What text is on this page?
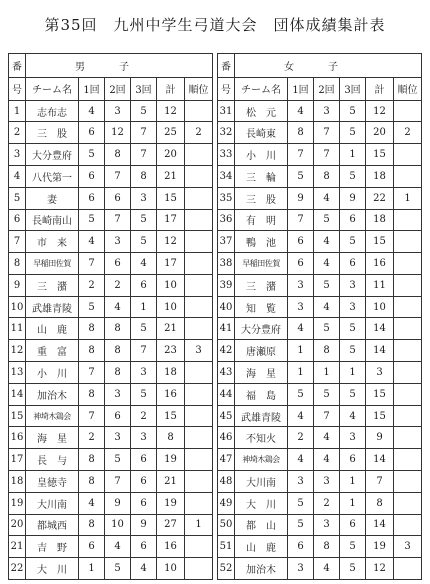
第35回　九州中学生弓道大会　団体成績集計表
番	男子					
号	チーム名	1回	2回	3回	計	順位
1	志布志	4	3	5	12	
2	三　股	6	12	7	25	2
3	大分豊府	5	8	7	20	
4	八代第一	6	7	8	21	
5	妻	6	6	3	15	
6	長崎南山	5	7	5	17	
7	市　来	4	3	5	12	
8	早稲田佐賀	7	6	4	17	
9	三　潴	2	2	6	10	
10	武雄青陵	5	4	1	10	
11	山　鹿	8	8	5	21	
12	重　富	8	8	7	23	3
13	小　川	7	8	3	18	
14	加治木	8	3	5	16	
15	神埼木鶏会	7	6	2	15	
16	海　星	2	3	3	8	
17	長　与	8	5	6	19	
18	皇徳寺	8	7	6	21	
19	大川南	4	9	6	19	
20	都城西	8	10	9	27	1
21	吉　野	6	4	6	16	
22	大　川	1	5	4	10	
番	女子					
号	チーム名	1回	2回	3回	計	順位
31	松　元	4	3	5	12	
32	長崎東	8	7	5	20	2
33	小　川	7	7	1	15	
34	三　輪	5	8	5	18	
35	三　股	9	4	9	22	1
36	有　明	7	5	6	18	
37	鴨　池	6	4	5	15	
38	早稲田佐賀	6	4	6	16	
39	三　潴	3	5	3	11	
40	知　覧	3	4	3	10	
41	大分豊府	4	5	5	14	
42	唐瀬原	1	8	5	14	
43	海　星	1	1	1	3	
44	福　島	5	5	5	15	
45	武雄青陵	4	7	4	15	
46	不知火	2	4	3	9	
47	神埼木鶏会	4	4	6	14	
48	大川南	3	3	1	7	
49	大　川	5	2	1	8	
50	都　山	5	3	6	14	
51	山　鹿	6	8	5	19	3
52	加治木	3	4	5	12	
